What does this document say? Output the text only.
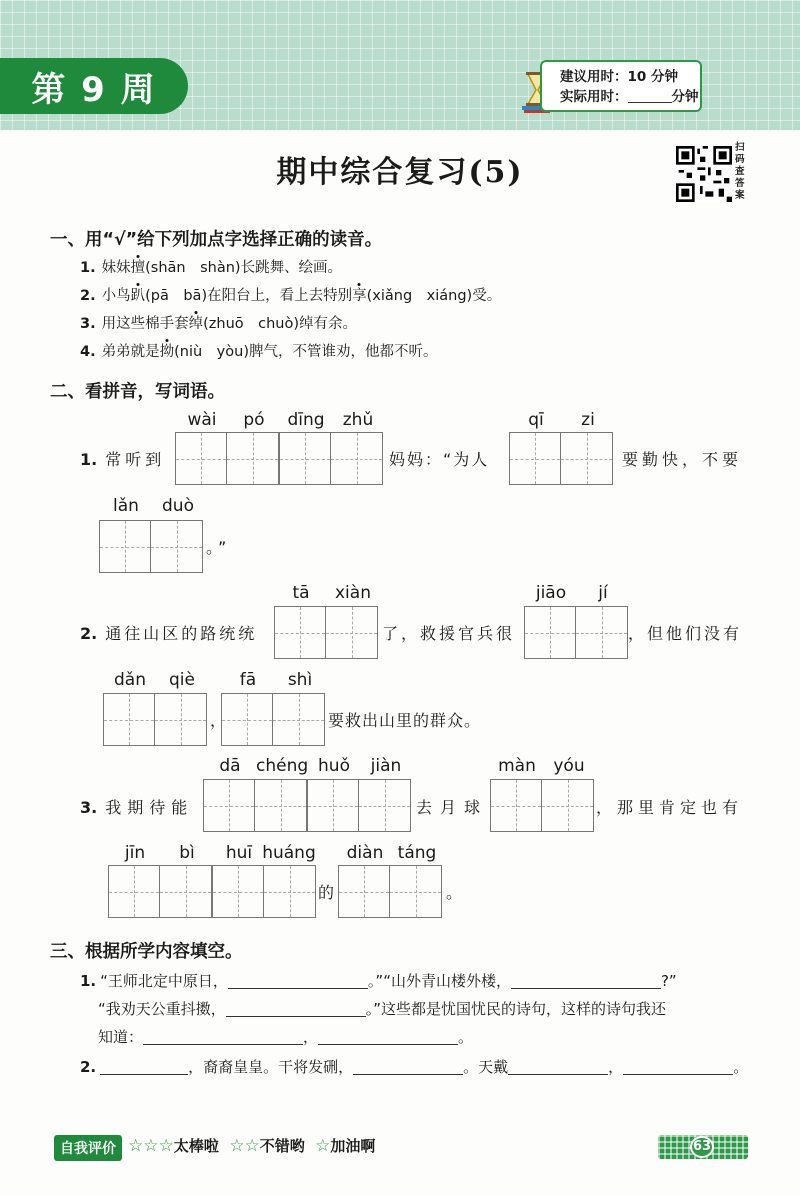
第 9 周	建议用时：10 分钟
实际用时：	分钟
期中综合复习(5)
扫码查答案
一、用“√”给下列加点字选择正确的读音。
1. 妹妹擅(shān　shàn)长跳舞、绘画。
2. 小鸟趴(pā　bā)在阳台上，看上去特别享(xiǎng　xiáng)受。
3. 用这些棉手套绰(zhuō　chuò)绰有余。
4. 弟弟就是拗(niù　yòu)脾气，不管谁劝，他都不听。
二、看拼音，写词语。
wài	pó	dīng	zhǔ	qī	zi
1. 常听到	妈妈：“为人	要勤快，不要
lǎn	duò
。”
tā	xiàn	jiāo	jí
2. 通往山区的路统统	了，救援官兵很	，但他们没有
dǎn	qiè	fā	shì
，	要救出山里的群众。
dā chéng huǒ	jiàn	màn	yóu
3. 我期待能	去月球	，那里肯定也有
jīn	bì	huī huáng	diàn táng
的	。
三、根据所学内容填空。
1. “王师北定中原日，	。”“山外青山楼外楼，	?”
“我劝天公重抖擞，	。”这些都是忧国忧民的诗句，这样的诗句我还
知道：	，	。
2.	，裔裔皇皇。干将发硎，	。天戴	，	。
自我评价 ☆☆☆太棒啦 ☆☆不错哟 ☆加油啊	63
